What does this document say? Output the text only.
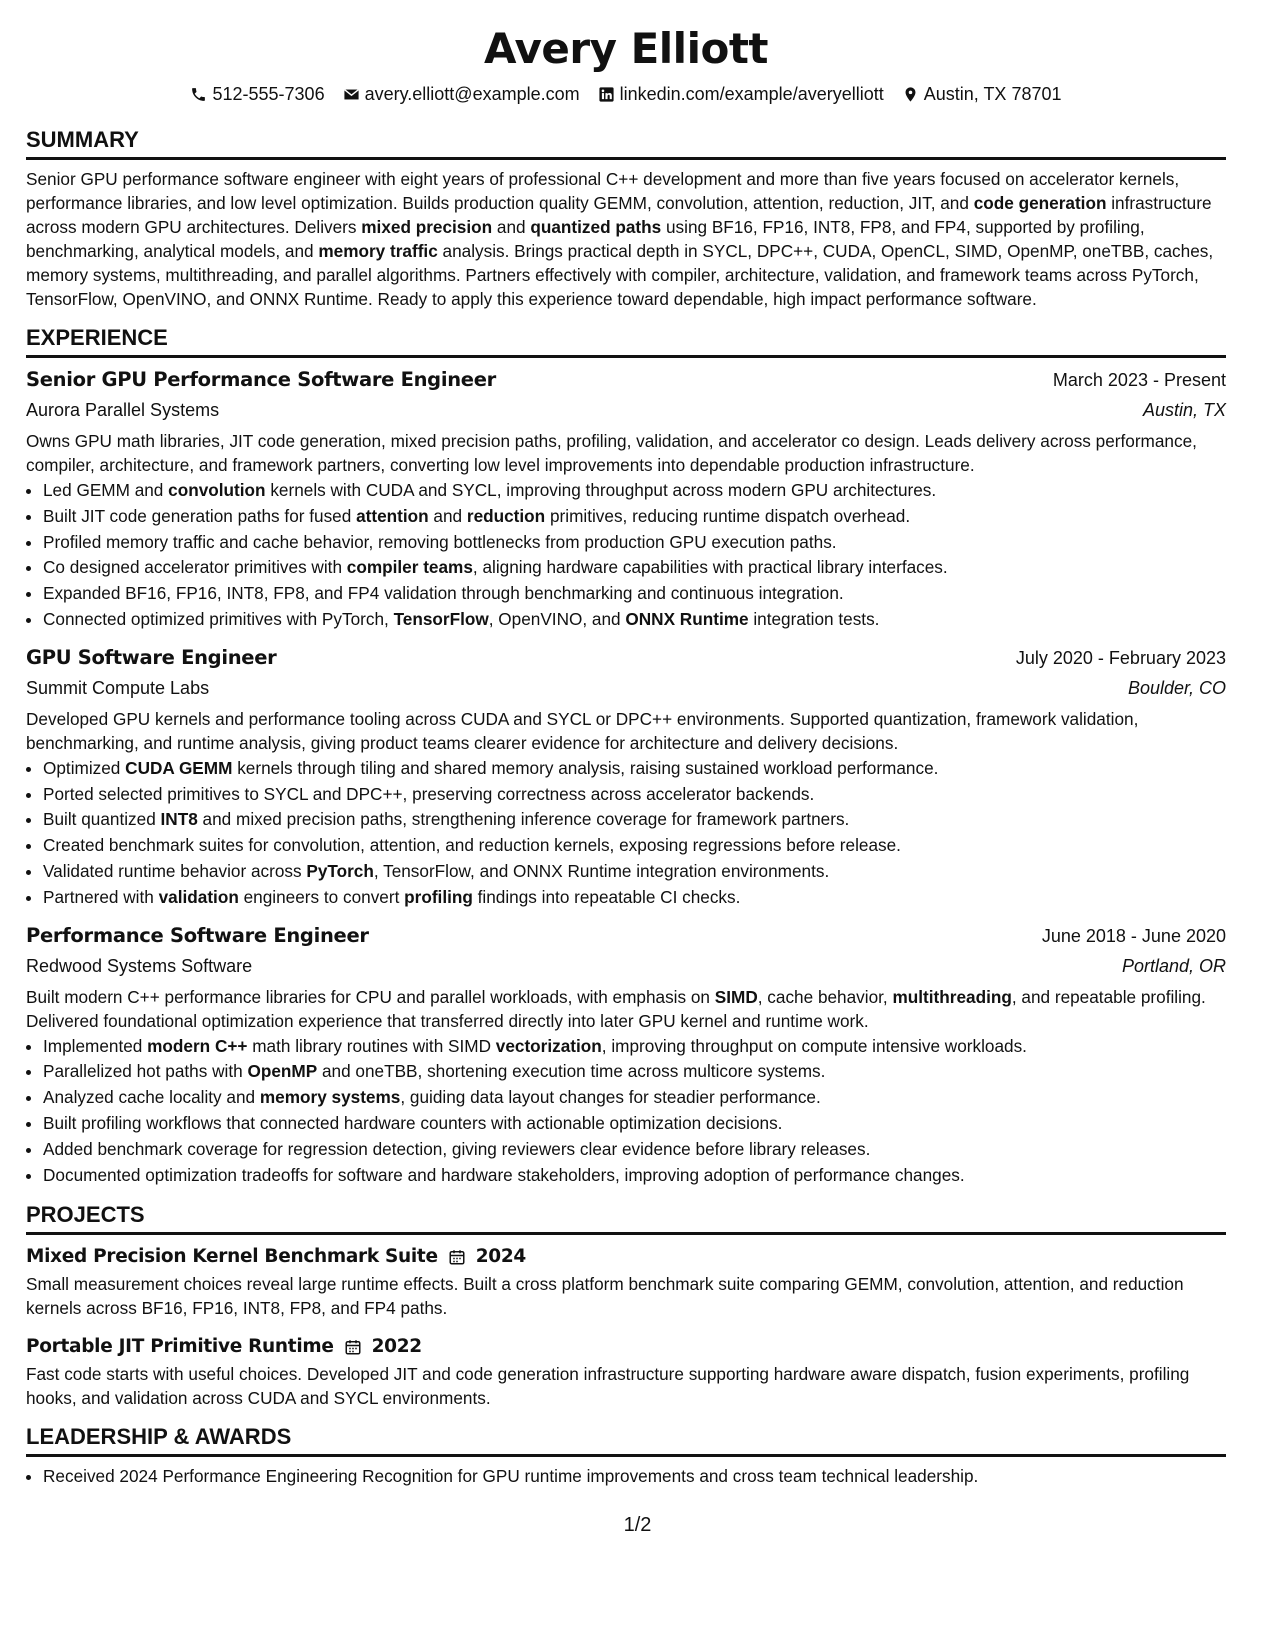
Avery Elliott
512-555-7306 avery.elliott@example.com linkedin.com/example/averyelliott Austin, TX 78701
SUMMARY

Senior GPU performance software engineer with eight years of professional C++ development and more than five years focused on accelerator kernels, performance libraries, and low level optimization. Builds production quality GEMM, convolution, attention, reduction, JIT, and code generation infrastructure across modern GPU architectures. Delivers mixed precision and quantized paths using BF16, FP16, INT8, FP8, and FP4, supported by profiling, benchmarking, analytical models, and memory traffic analysis. Brings practical depth in SYCL, DPC++, CUDA, OpenCL, SIMD, OpenMP, oneTBB, caches, memory systems, multithreading, and parallel algorithms. Partners effectively with compiler, architecture, validation, and framework teams across PyTorch, TensorFlow, OpenVINO, and ONNX Runtime. Ready to apply this experience toward dependable, high impact performance software.

EXPERIENCE
Senior GPU Performance Software Engineer	March 2023 - Present
Aurora Parallel Systems	Austin, TX

Owns GPU math libraries, JIT code generation, mixed precision paths, profiling, validation, and accelerator co design. Leads delivery across performance, compiler, architecture, and framework partners, converting low level improvements into dependable production infrastructure.

• Led GEMM and convolution kernels with CUDA and SYCL, improving throughput across modern GPU architectures.
• Built JIT code generation paths for fused attention and reduction primitives, reducing runtime dispatch overhead.
• Profiled memory traffic and cache behavior, removing bottlenecks from production GPU execution paths.
• Co designed accelerator primitives with compiler teams, aligning hardware capabilities with practical library interfaces.
• Expanded BF16, FP16, INT8, FP8, and FP4 validation through benchmarking and continuous integration.
• Connected optimized primitives with PyTorch, TensorFlow, OpenVINO, and ONNX Runtime integration tests.
GPU Software Engineer	July 2020 - February 2023
Summit Compute Labs	Boulder, CO

Developed GPU kernels and performance tooling across CUDA and SYCL or DPC++ environments. Supported quantization, framework validation, benchmarking, and runtime analysis, giving product teams clearer evidence for architecture and delivery decisions.

• Optimized CUDA GEMM kernels through tiling and shared memory analysis, raising sustained workload performance.
• Ported selected primitives to SYCL and DPC++, preserving correctness across accelerator backends.
• Built quantized INT8 and mixed precision paths, strengthening inference coverage for framework partners.
• Created benchmark suites for convolution, attention, and reduction kernels, exposing regressions before release.
• Validated runtime behavior across PyTorch, TensorFlow, and ONNX Runtime integration environments.
• Partnered with validation engineers to convert profiling findings into repeatable CI checks.
Performance Software Engineer	June 2018 - June 2020
Redwood Systems Software	Portland, OR

Built modern C++ performance libraries for CPU and parallel workloads, with emphasis on SIMD, cache behavior, multithreading, and repeatable profiling. Delivered foundational optimization experience that transferred directly into later GPU kernel and runtime work.

• Implemented modern C++ math library routines with SIMD vectorization, improving throughput on compute intensive workloads.
• Parallelized hot paths with OpenMP and oneTBB, shortening execution time across multicore systems.
• Analyzed cache locality and memory systems, guiding data layout changes for steadier performance.
• Built profiling workflows that connected hardware counters with actionable optimization decisions.
• Added benchmark coverage for regression detection, giving reviewers clear evidence before library releases.
• Documented optimization tradeoffs for software and hardware stakeholders, improving adoption of performance changes.
PROJECTS
Mixed Precision Kernel Benchmark Suite 2024

Small measurement choices reveal large runtime effects. Built a cross platform benchmark suite comparing GEMM, convolution, attention, and reduction kernels across BF16, FP16, INT8, FP8, and FP4 paths.

Portable JIT Primitive Runtime 2022

Fast code starts with useful choices. Developed JIT and code generation infrastructure supporting hardware aware dispatch, fusion experiments, profiling hooks, and validation across CUDA and SYCL environments.

LEADERSHIP & AWARDS
• Received 2024 Performance Engineering Recognition for GPU runtime improvements and cross team technical leadership.
1/2
